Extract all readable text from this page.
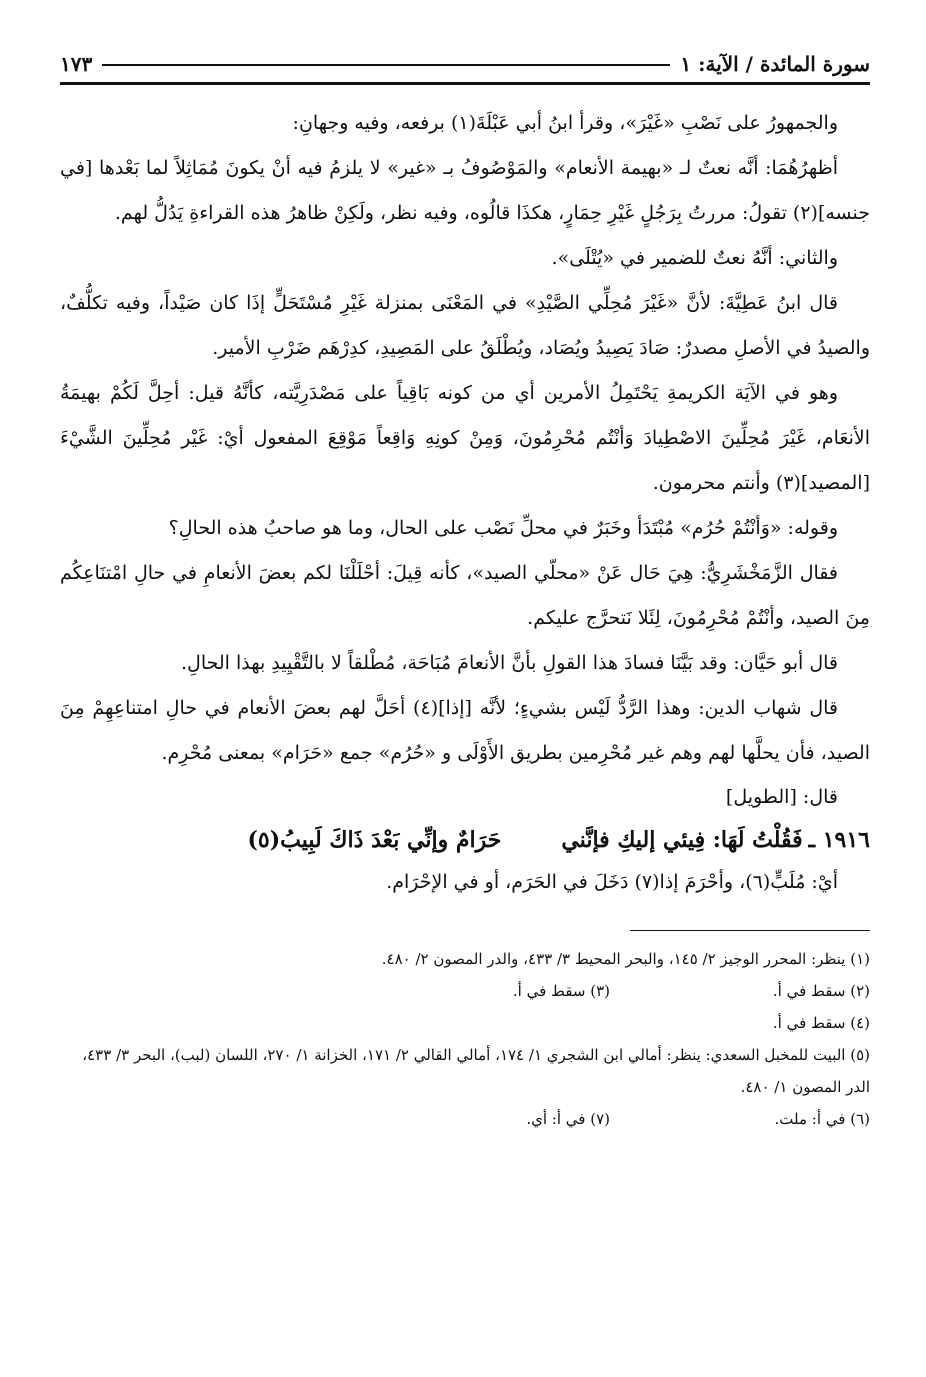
سورة المائدة / الآية: ١
١٧٣

والجمهورُ على نَصْبِ «غَيْرَ»، وقرأ ابنُ أبي عَبْلَةَ(١) برفعه، وفيه وجهانِ:

أظهرُهُمَا: أنَّه نعتٌ لـ «بهيمة الأنعام» والمَوْصُوفُ بـ «غير» لا يلزمُ فيه أنْ يكونَ مُمَاثِلاً لما بَعْدها [في جنسه](٢) تقولُ: مررتُ بِرَجُلٍ غَيْرِ حِمَارٍ، هكذَا قالُوه، وفيه نظر، ولَكِنْ ظاهرُ هذه القراءةِ يَدُلُّ لهم.

والثاني: أنَّهُ نعتٌ للضمير في «يُتْلَى».

قال ابنُ عَطِيَّةَ: لأنَّ «غَيْرَ مُحِلِّي الصَّيْدِ» في المَعْنَى بمنزلة غَيْرِ مُسْتَحَلٍّ إذَا كان صَيْداً، وفيه تكلُّفٌ، والصيدُ في الأصلِ مصدرٌ: صَادَ يَصِيدُ ويُصَاد، ويُطْلَقُ على المَصِيدِ، كدِرْهَم ضَرْبِ الأمير.

وهو في الآيَة الكريمةِ يَحْتَمِلُ الأمرين أي من كونه بَاقِياً على مَصْدَرِيَّته، كأنَّهُ قيل: أحِلَّ لَكُمْ بهيمَةُ الأنعَام، غَيْرَ مُحِلِّينَ الاصْطِيادَ وَأنْتُم مُحْرِمُونَ، وَمِنْ كونِهِ وَاقِعاً مَوْقِعَ المفعول أيْ: غَيْر مُحِلِّينَ الشَّيْءَ [المصيد](٣) وأنتم محرمون.

وقوله: «وَأنْتُمْ حُرُم» مُبْتَدَأ وخَبَرٌ في محلِّ نَصْب على الحال، وما هو صاحبُ هذه الحالِ؟

فقال الزَّمَخْشَرِيُّ: هِيَ حَال عَنْ «محلّي الصيد»، كأنه قِيلَ: أحْلَلْنَا لكم بعضَ الأنعامِ في حالِ امْتنَاعِكُم مِنَ الصيد، وأنْتُمْ مُحْرِمُونَ، لِئَلا نَتحرَّج عليكم.

قال أبو حَيَّان: وقد بَيَّنَا فسادَ هذا القولِ بأنَّ الأنعامَ مُبَاحَة، مُطْلقاً لا بالتَّقْيِيدِ بهذا الحالِ.

قال شهاب الدين: وهذا الرَّدُّ لَيْس بشيءٍ؛ لأنَّه [إذا](٤) أحَلَّ لهم بعضَ الأنعام في حالِ امتناعِهِمْ مِنَ الصيد، فأن يحلَّها لهم وهم غير مُحْرِمين بطريق الأَوْلَى و «حُرُم» جمع «حَرَام» بمعنى مُحْرِم.

قال: [الطويل]
١٩١٦ ـ
فَقُلْتُ لَهَا: فِيئي إليكِ فإنَّني
حَرَامٌ وإنِّي بَعْدَ ذَاكَ لَبِيبُ(٥)
أيْ: مُلَبٍّ(٦)، وأحْرَمَ إذا(٧) دَخَلَ في الحَرَم، أو في الإحْرَام.

(١) ينظر: المحرر الوجيز ٢/ ١٤٥، والبحر المحيط ٣/ ٤٣٣، والدر المصون ٢/ ٤٨٠.

(٢) سقط في أ.

(٣) سقط في أ.

(٤) سقط في أ.

(٥) البيت للمخبل السعدي: ينظر: أمالي ابن الشجري ١/ ١٧٤، أمالي القالي ٢/ ١٧١، الخزانة ١/ ٢٧٠، اللسان (لبب)، البحر ٣/ ٤٣٣، الدر المصون ١/ ٤٨٠.

(٦) في أ: ملت.

(٧) في أ: أي.
